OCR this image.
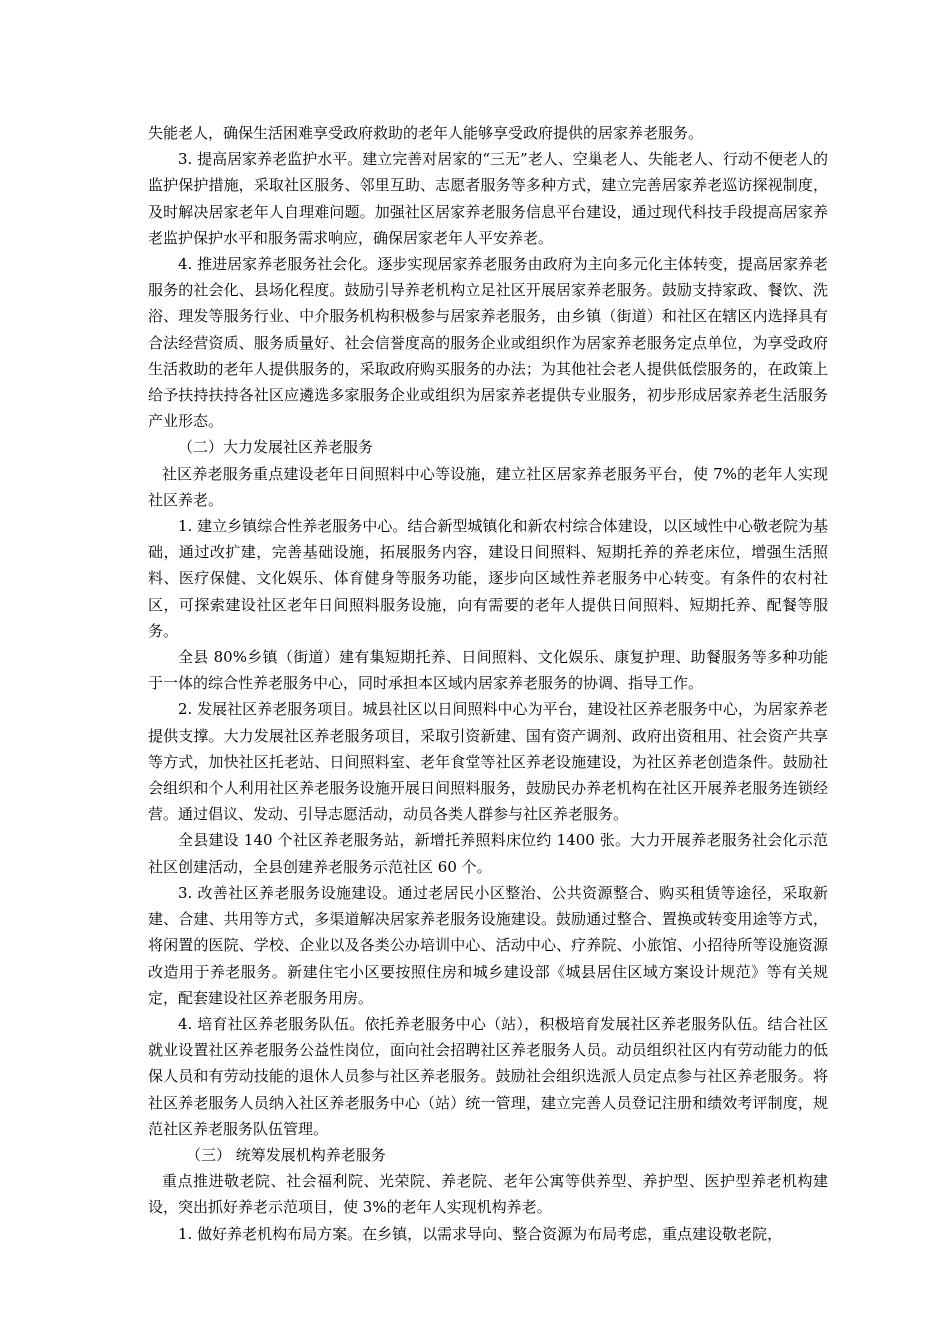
失能老人，确保生活困难享受政府救助的老年人能够享受政府提供的居家养老服务。

3. 提高居家养老监护水平。建立完善对居家的“三无”老人、空巢老人、失能老人、行动不便老人的监护保护措施，采取社区服务、邻里互助、志愿者服务等多种方式，建立完善居家养老巡访探视制度，及时解决居家老年人自理难问题。加强社区居家养老服务信息平台建设，通过现代科技手段提高居家养老监护保护水平和服务需求响应，确保居家老年人平安养老。

4. 推进居家养老服务社会化。逐步实现居家养老服务由政府为主向多元化主体转变，提高居家养老服务的社会化、县场化程度。鼓励引导养老机构立足社区开展居家养老服务。鼓励支持家政、餐饮、洗浴、理发等服务行业、中介服务机构积极参与居家养老服务，由乡镇（街道）和社区在辖区内选择具有合法经营资质、服务质量好、社会信誉度高的服务企业或组织作为居家养老服务定点单位，为享受政府生活救助的老年人提供服务的，采取政府购买服务的办法；为其他社会老人提供低偿服务的，在政策上给予扶持扶持各社区应遴选多家服务企业或组织为居家养老提供专业服务，初步形成居家养老生活服务产业形态。

（二）大力发展社区养老服务

社区养老服务重点建设老年日间照料中心等设施，建立社区居家养老服务平台，使 7%的老年人实现社区养老。

1. 建立乡镇综合性养老服务中心。结合新型城镇化和新农村综合体建设，以区域性中心敬老院为基础，通过改扩建，完善基础设施，拓展服务内容，建设日间照料、短期托养的养老床位，增强生活照料、医疗保健、文化娱乐、体育健身等服务功能，逐步向区域性养老服务中心转变。有条件的农村社区，可探索建设社区老年日间照料服务设施，向有需要的老年人提供日间照料、短期托养、配餐等服务。

全县 80%乡镇（街道）建有集短期托养、日间照料、文化娱乐、康复护理、助餐服务等多种功能于一体的综合性养老服务中心，同时承担本区域内居家养老服务的协调、指导工作。

2. 发展社区养老服务项目。城县社区以日间照料中心为平台，建设社区养老服务中心，为居家养老提供支撑。大力发展社区养老服务项目，采取引资新建、国有资产调剂、政府出资租用、社会资产共享等方式，加快社区托老站、日间照料室、老年食堂等社区养老设施建设，为社区养老创造条件。鼓励社会组织和个人利用社区养老服务设施开展日间照料服务，鼓励民办养老机构在社区开展养老服务连锁经营。通过倡议、发动、引导志愿活动，动员各类人群参与社区养老服务。

全县建设 140 个社区养老服务站，新增托养照料床位约 1400 张。大力开展养老服务社会化示范社区创建活动，全县创建养老服务示范社区 60 个。

3. 改善社区养老服务设施建设。通过老居民小区整治、公共资源整合、购买租赁等途径，采取新建、合建、共用等方式，多渠道解决居家养老服务设施建设。鼓励通过整合、置换或转变用途等方式，将闲置的医院、学校、企业以及各类公办培训中心、活动中心、疗养院、小旅馆、小招待所等设施资源改造用于养老服务。新建住宅小区要按照住房和城乡建设部《城县居住区域方案设计规范》等有关规定，配套建设社区养老服务用房。

4. 培育社区养老服务队伍。依托养老服务中心（站），积极培育发展社区养老服务队伍。结合社区就业设置社区养老服务公益性岗位，面向社会招聘社区养老服务人员。动员组织社区内有劳动能力的低保人员和有劳动技能的退休人员参与社区养老服务。鼓励社会组织选派人员定点参与社区养老服务。将社区养老服务人员纳入社区养老服务中心（站）统一管理，建立完善人员登记注册和绩效考评制度，规范社区养老服务队伍管理。

（三） 统筹发展机构养老服务

重点推进敬老院、社会福利院、光荣院、养老院、老年公寓等供养型、养护型、医护型养老机构建设，突出抓好养老示范项目，使 3%的老年人实现机构养老。

1. 做好养老机构布局方案。在乡镇，以需求导向、整合资源为布局考虑，重点建设敬老院，
